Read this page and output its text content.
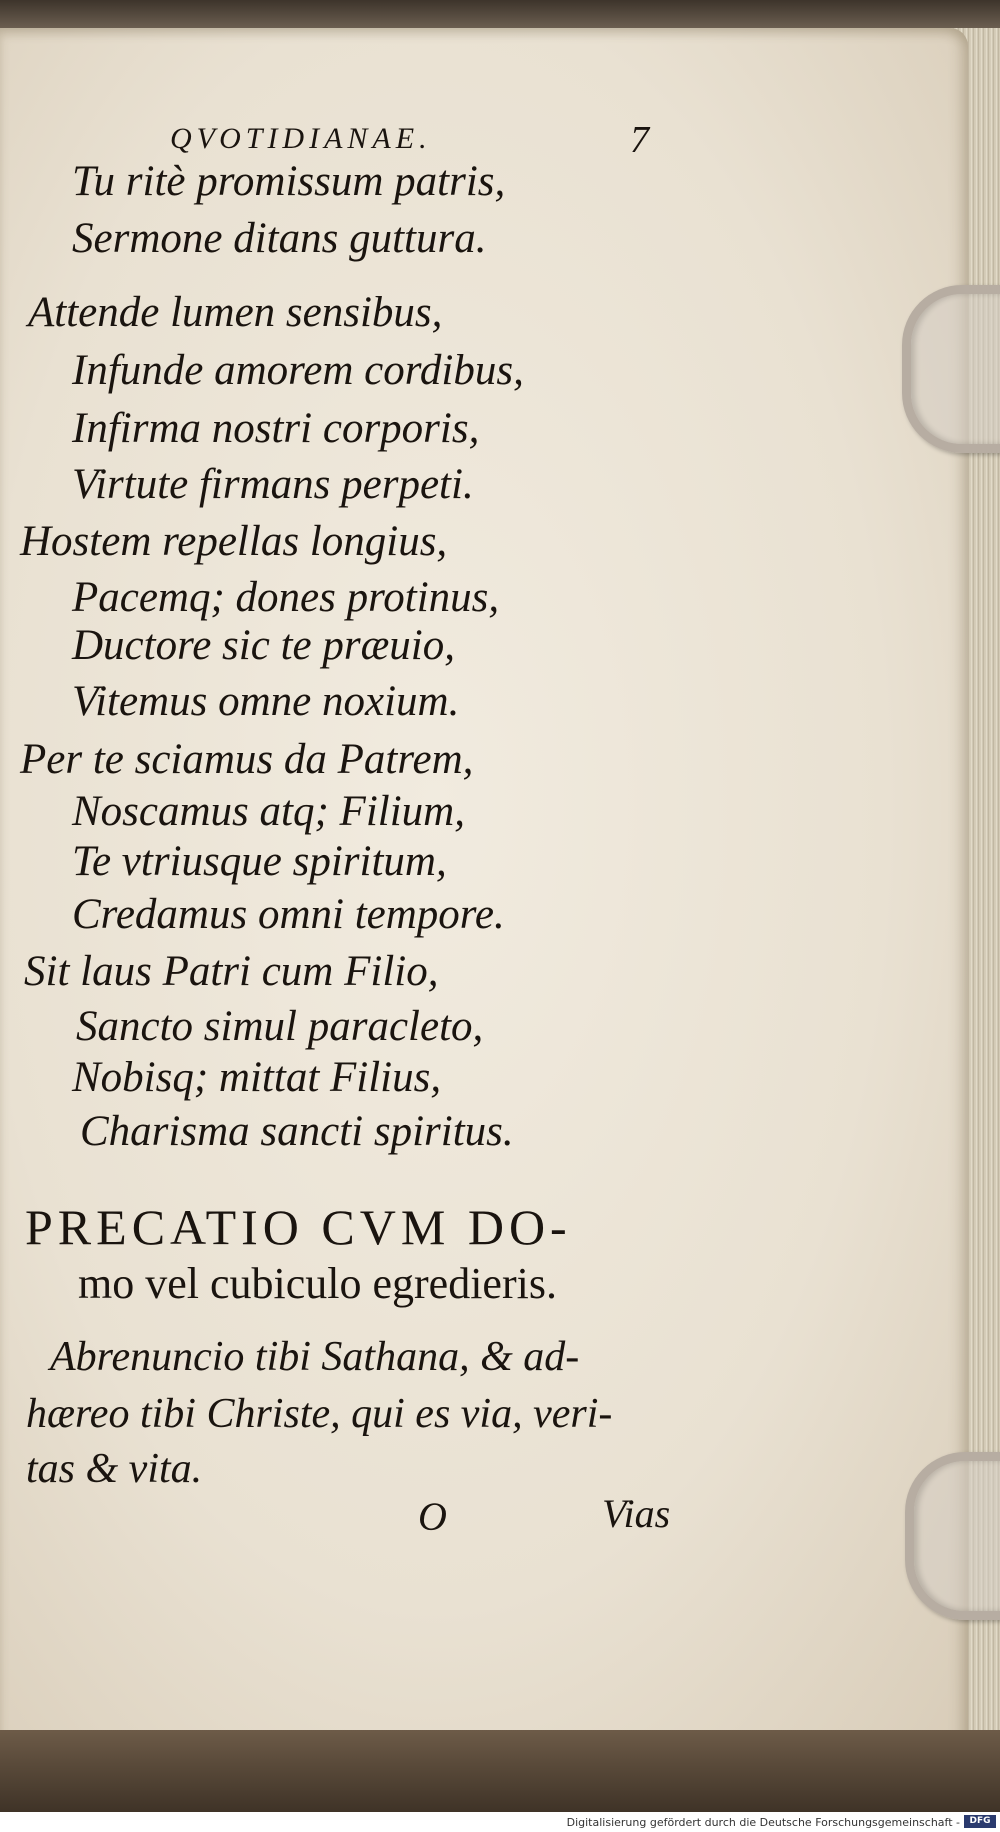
QVOTIDIANAE.	7
Tu ritè promissum patris,
Sermone ditans guttura.
Attende lumen sensibus,
Infunde amorem cordibus,
Infirma nostri corporis,
Virtute firmans perpeti.
Hostem repellas longius,
Pacemq; dones protinus,
Ductore sic te præuio,
Vitemus omne noxium.
Per te sciamus da Patrem,
Noscamus atq; Filium,
Te vtriusque spiritum,
Credamus omni tempore.
Sit laus Patri cum Filio,
Sancto simul paracleto,
Nobisq; mittat Filius,
Charisma sancti spiritus.
PRECATIO CVM DO-
mo vel cubiculo egredieris.
Abrenuncio tibi Sathana, & ad-
hæreo tibi Christe, qui es via, veri-
tas & vita.
O	Vias
Digitalisierung gefördert durch die Deutsche Forschungsgemeinschaft -	DFG
